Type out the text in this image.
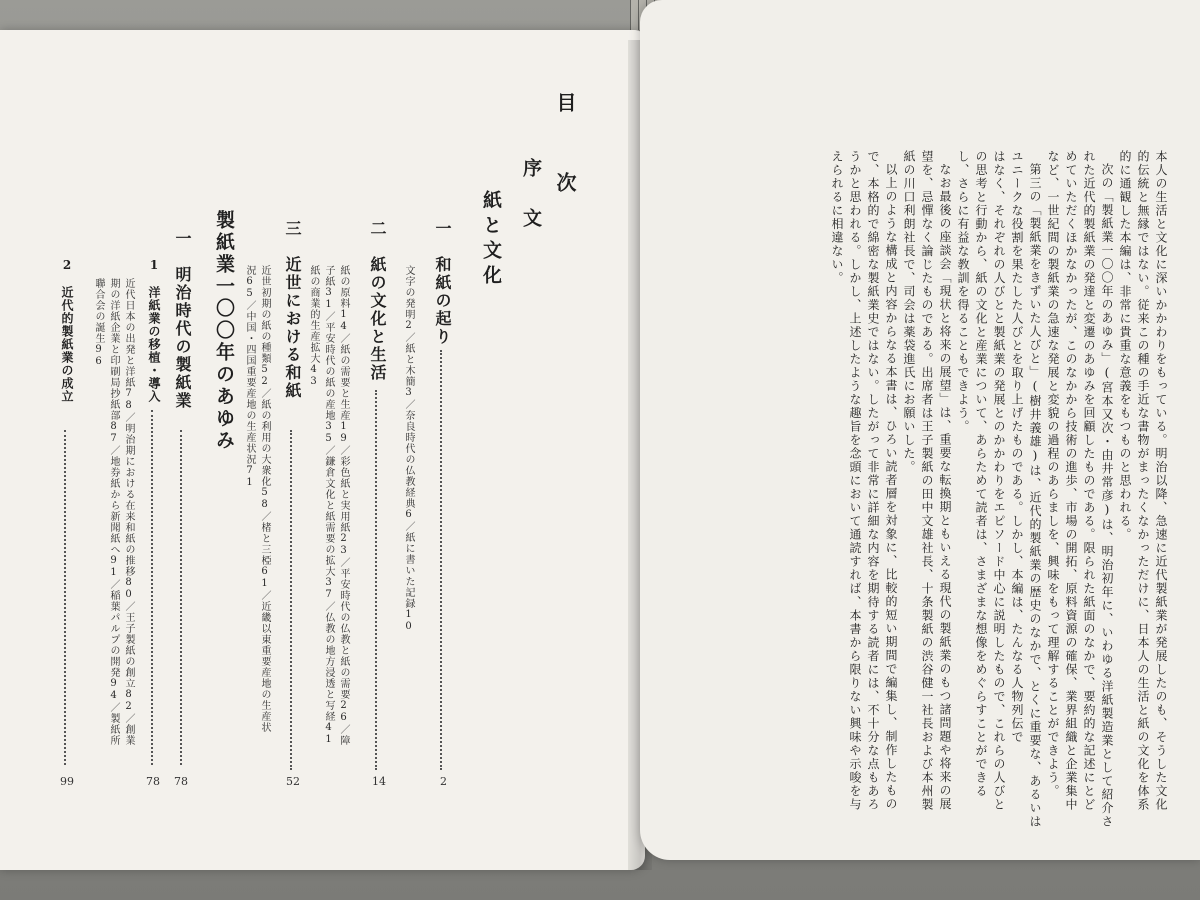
目　次
序　文
紙と文化
一　和紙の起り
2
文字の発明2／紙と木簡3／奈良時代の仏教経典6／紙に書いた記録10
二　紙の文化と生活
14
紙の原料14／紙の需要と生産19／彩色紙と実用紙23／平安時代の仏教と紙の需要26／障
子紙31／平安時代の紙の産地35／鎌倉文化と紙需要の拡大37／仏教の地方浸透と写経41
紙の商業的生産拡大43
三　近世における和紙
52
近世初期の紙の種類52／紙の利用の大衆化58／楮と三椏61／近畿以東重要産地の生産状
況65／中国・四国重要産地の生産状況71
製紙業一〇〇年のあゆみ
一　明治時代の製紙業
78
1　洋紙業の移植・導入
78
近代日本の出発と洋紙78／明治期における在来和紙の推移80／王子製紙の創立82／創業
期の洋紙企業と印刷局抄紙部87／地券紙から新聞紙へ91／稲葉パルプの開発94／製紙所
聯合会の誕生96
2　近代的製紙業の成立
99	本人の生活と文化に深いかかわりをもっている。明治以降、急速に近代製紙業が発展したのも、そうした文化
的伝統と無縁ではない。従来この種の手近な書物がまったくなかっただけに、日本人の生活と紙の文化を体系
的に通観した本編は、非常に貴重な意義をもつものと思われる。
次の「製紙業一〇〇年のあゆみ」(宮本又次・由井常彦)は、明治初年に、いわゆる洋紙製造業として紹介さ
れた近代的製紙業の発達と変遷のあゆみを回顧したものである。限られた紙面のなかで、要約的な記述にとど
めていただくほかなかったが、このなかから技術の進歩、市場の開拓、原料資源の確保、業界組織と企業集中
など、一世紀間の製紙業の急速な発展と変貌の過程のあらましを、興味をもって理解することができよう。
第三の「製紙業をきずいた人びと」(樹井義雄)は、近代的製紙業の歴史のなかで、とくに重要な、あるいは
ユニークな役割を果たした人びとを取り上げたものである。しかし、本編は、たんなる人物列伝で
はなく、それぞれの人びとと製紙業の発展とのかかわりをエピソード中心に説明したもので、これらの人びと
の思考と行動から、紙の文化と産業について、あらためて読者は、さまざまな想像をめぐらすことができる
し、さらに有益な教訓を得ることもできよう。
なお最後の座談会「現状と将来の展望」は、重要な転換期ともいえる現代の製紙業のもつ諸問題や将来の展
望を、忌憚なく論じたものである。出席者は王子製紙の田中文雄社長、十条製紙の渋谷健一社長および本州製
紙の川口利朗社長で、司会は薬袋進氏にお願いした。
以上のような構成と内容からなる本書は、ひろい読者層を対象に、比較的短い期間で編集し、制作したもの
で、本格的で綿密な製紙業史ではない。したがって非常に詳細な内容を期待する読者には、不十分な点もあろ
うかと思われる。しかし、上述したような趣旨を念頭において通読すれば、本書から限りない興味や示唆を与
えられるに相違ない。
